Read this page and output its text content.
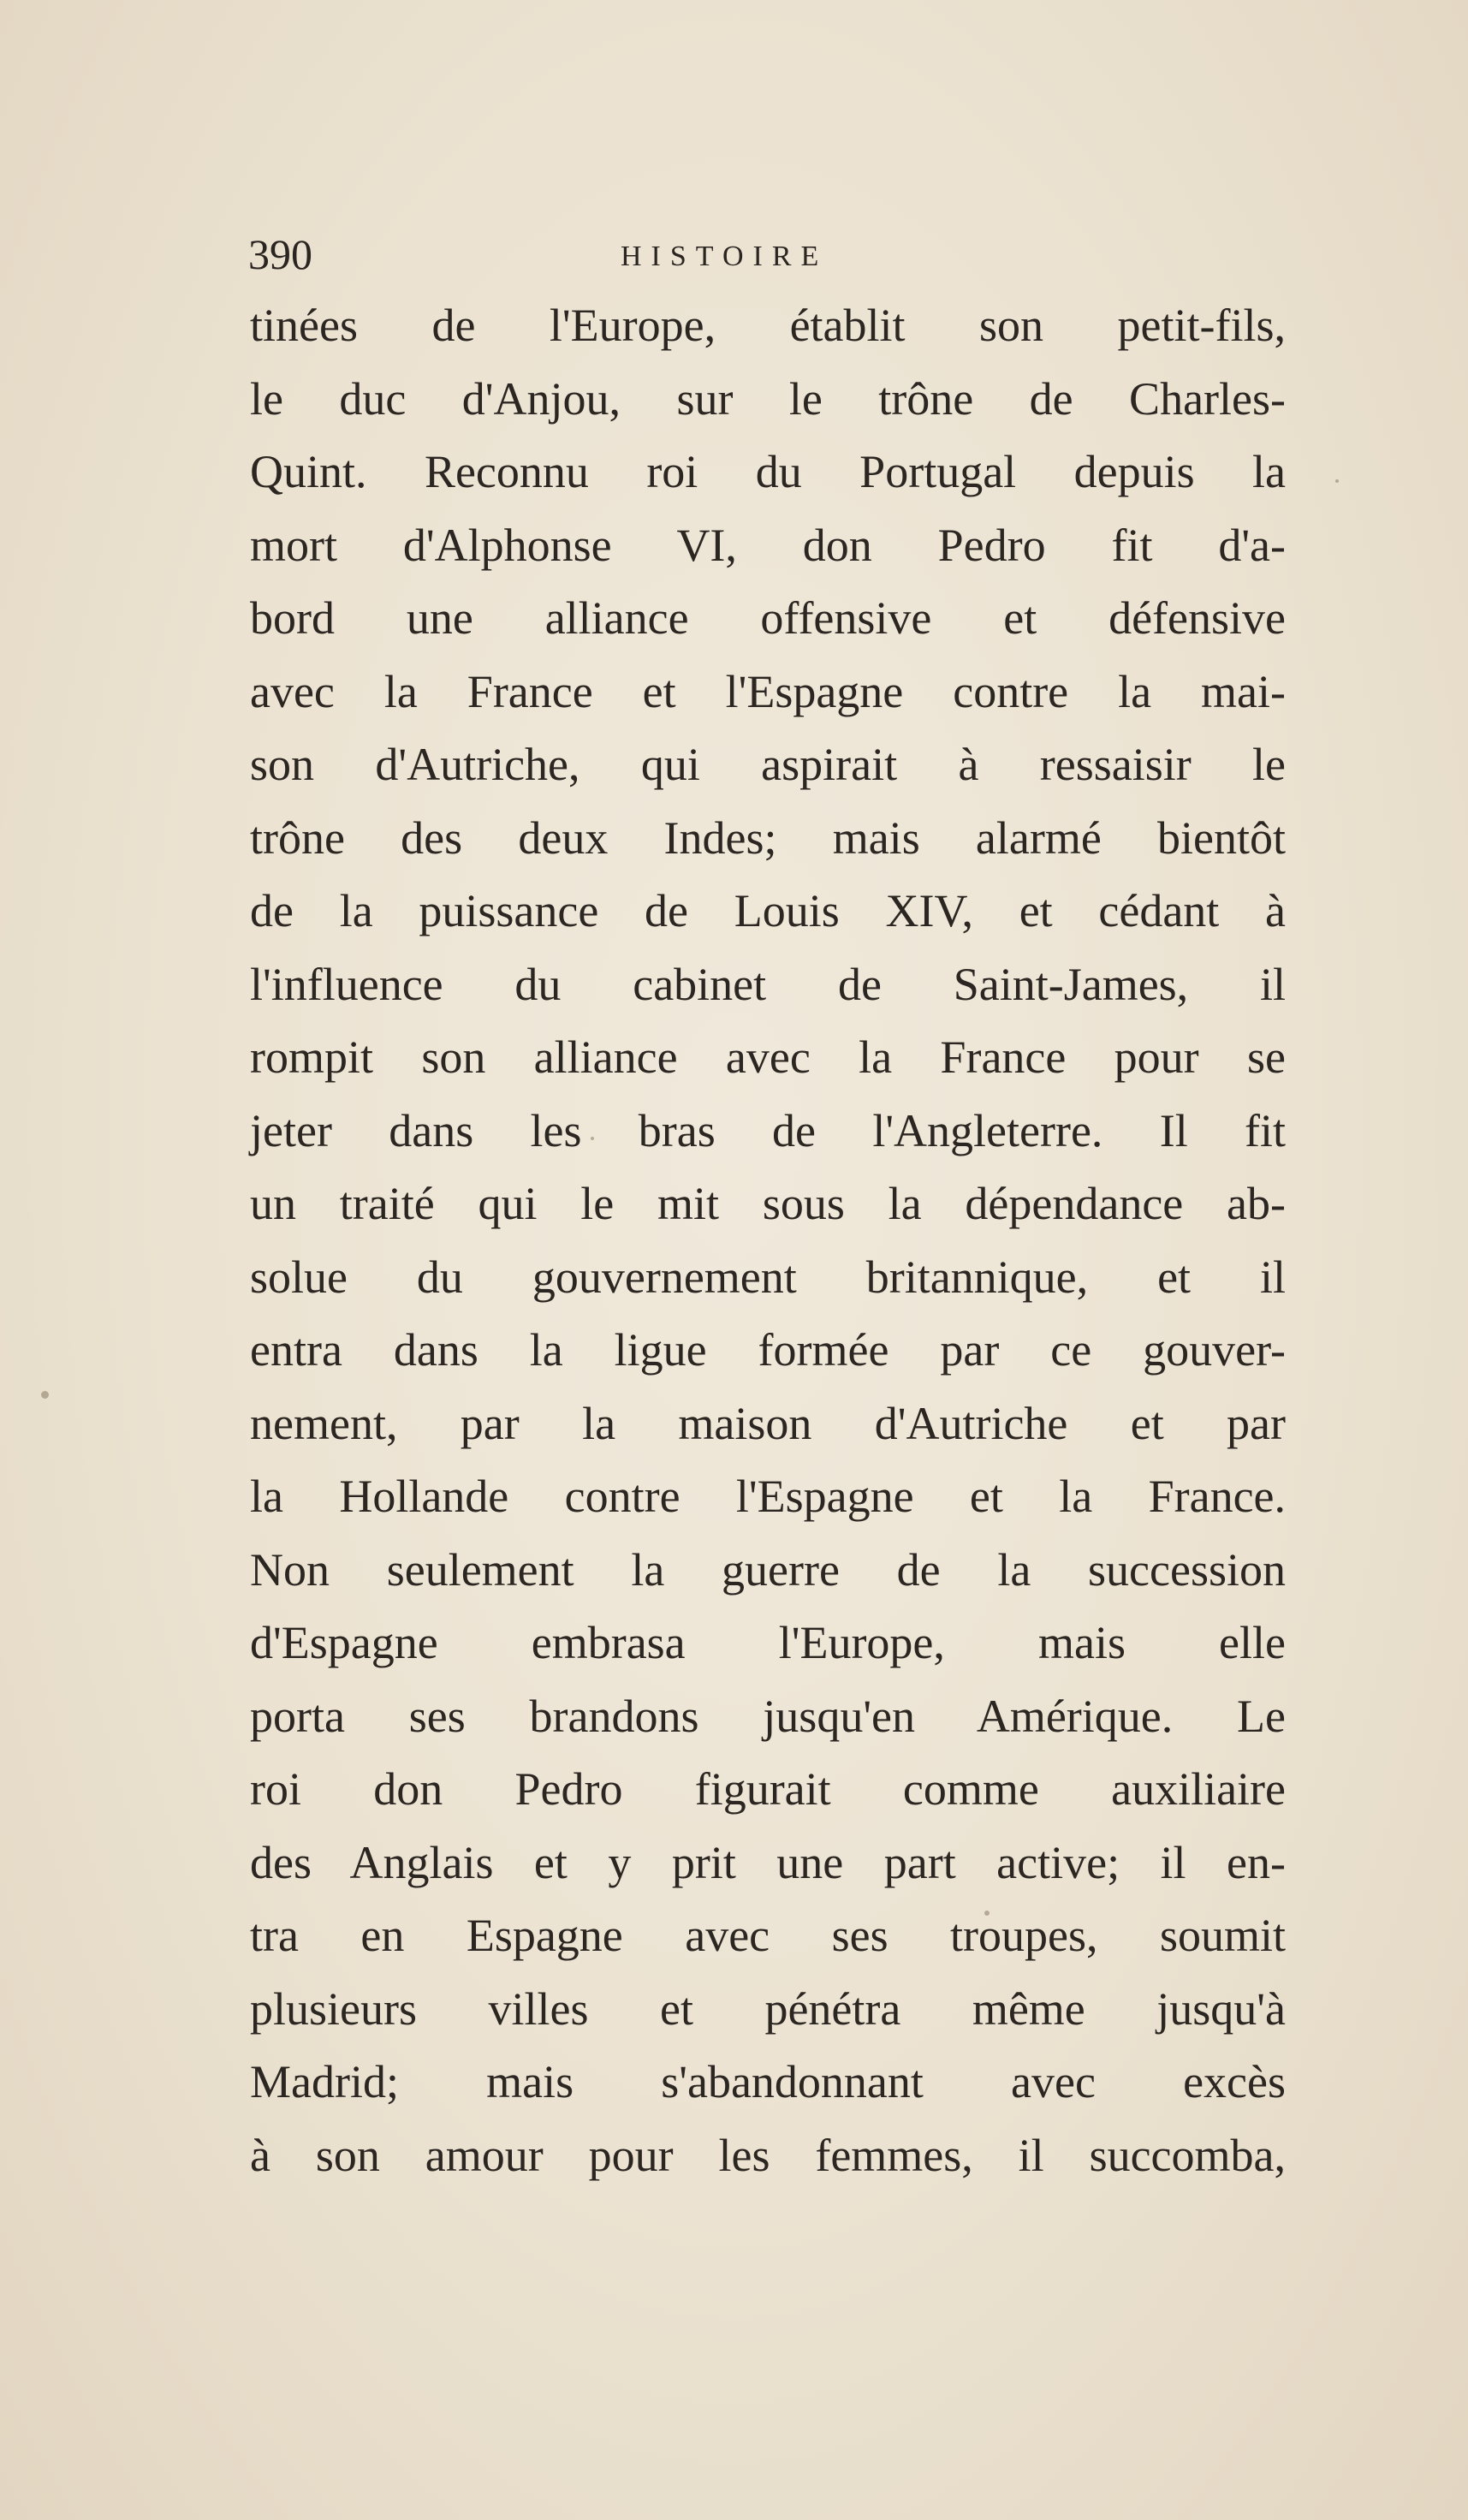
390	HISTOIRE
tinées de l'Europe, établit son petit-fils,
le duc d'Anjou, sur le trône de Charles-
Quint. Reconnu roi du Portugal depuis la
mort d'Alphonse VI, don Pedro fit d'a-
bord une alliance offensive et défensive
avec la France et l'Espagne contre la mai-
son d'Autriche, qui aspirait à ressaisir le
trône des deux Indes; mais alarmé bientôt
de la puissance de Louis XIV, et cédant à
l'influence du cabinet de Saint-James, il
rompit son alliance avec la France pour se
jeter dans les bras de l'Angleterre. Il fit
un traité qui le mit sous la dépendance ab-
solue du gouvernement britannique, et il
entra dans la ligue formée par ce gouver-
nement, par la maison d'Autriche et par
la Hollande contre l'Espagne et la France.
Non seulement la guerre de la succession
d'Espagne embrasa l'Europe, mais elle
porta ses brandons jusqu'en Amérique. Le
roi don Pedro figurait comme auxiliaire
des Anglais et y prit une part active; il en-
tra en Espagne avec ses troupes, soumit
plusieurs villes et pénétra même jusqu'à
Madrid; mais s'abandonnant avec excès
à son amour pour les femmes, il succomba,
